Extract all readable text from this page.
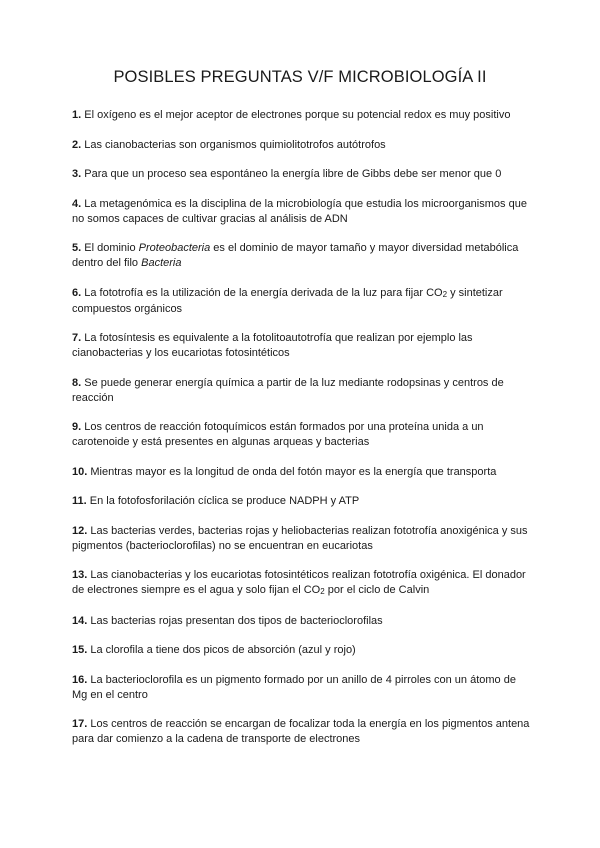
POSIBLES PREGUNTAS V/F MICROBIOLOGÍA II

1. El oxígeno es el mejor aceptor de electrones porque su potencial redox es muy positivo

2. Las cianobacterias son organismos quimiolitotrofos autótrofos

3. Para que un proceso sea espontáneo la energía libre de Gibbs debe ser menor que 0

4. La metagenómica es la disciplina de la microbiología que estudia los microorganismos que no somos capaces de cultivar gracias al análisis de ADN

5. El dominio Proteobacteria es el dominio de mayor tamaño y mayor diversidad metabólica dentro del filo Bacteria

6. La fototrofía es la utilización de la energía derivada de la luz para fijar CO2 y sintetizar compuestos orgánicos

7. La fotosíntesis es equivalente a la fotolitoautotrofía que realizan por ejemplo las cianobacterias y los eucariotas fotosintéticos

8. Se puede generar energía química a partir de la luz mediante rodopsinas y centros de reacción

9. Los centros de reacción fotoquímicos están formados por una proteína unida a un carotenoide y está presentes en algunas arqueas y bacterias

10. Mientras mayor es la longitud de onda del fotón mayor es la energía que transporta

11. En la fotofosforilación cíclica se produce NADPH y ATP

12. Las bacterias verdes, bacterias rojas y heliobacterias realizan fototrofía anoxigénica y sus pigmentos (bacterioclorofilas) no se encuentran en eucariotas

13. Las cianobacterias y los eucariotas fotosintéticos realizan fototrofía oxigénica. El donador de electrones siempre es el agua y solo fijan el CO2 por el ciclo de Calvin

14. Las bacterias rojas presentan dos tipos de bacterioclorofilas

15. La clorofila a tiene dos picos de absorción (azul y rojo)

16. La bacterioclorofila es un pigmento formado por un anillo de 4 pirroles con un átomo de Mg en el centro

17. Los centros de reacción se encargan de focalizar toda la energía en los pigmentos antena para dar comienzo a la cadena de transporte de electrones
